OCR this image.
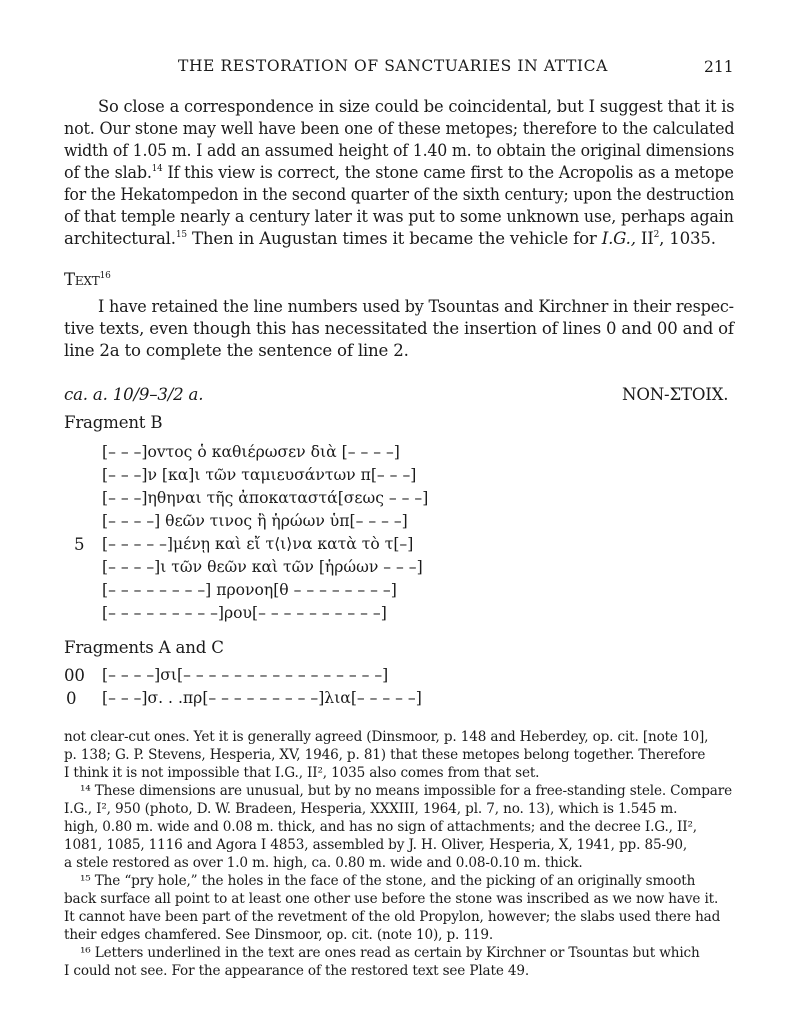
THE RESTORATION OF SANCTUARIES IN ATTICA	211
So close a correspondence in size could be coincidental, but I suggest that it is
not. Our stone may well have been one of these metopes; therefore to the calculated
width of 1.05 m. I add an assumed height of 1.40 m. to obtain the original dimensions
of the slab.$^{14}$ If this view is correct, the stone came first to the Acropolis as a metope
for the Hekatompedon in the second quarter of the sixth century; upon the destruction
of that temple nearly a century later it was put to some unknown use, perhaps again
architectural.$^{15}$ Then in Augustan times it became the vehicle for I.G., $II^2$, 1035.
Text$^{16}$
I have retained the line numbers used by Tsountas and Kirchner in their respec-
tive texts, even though this has necessitated the insertion of lines 0 and 00 and of
line 2a to complete the sentence of line 2.
ca. a. 10/9–3/2 a.	NON-ΣΤΟΙΧ.
Fragment B
[– – –]οvτος ὁ καθιέρωσεν διὰ [– – – –]
[– – –]ν [κα]ι τῶν ταμιευσάντων π[– – –]
[– – –]ηθηναι τῆς ἀποκαταστά[σεως – – –]
[– – – –] θεῶν τινος ἢ ἡρώων ὑπ[– – – –]
5 [– – – – –]μένῃ καὶ εἴ τ⟨ι⟩να κατὰ τὸ τ[–]
[– – – –]ι τῶν θεῶν καὶ τῶν [ἡρώων – – –]
[– – – – – – – –] προνοη[θ – – – – – – – –]
[– – – – – – – – –]ρου[– – – – – – – – – –]
Fragments A and C
00 [– – – –]σι[– – – – – – – – – – – – – – – –]
0 [– – –]σ. . .πρ[– – – – – – – – –]λια[– – – – –]
not clear-cut ones. Yet it is generally agreed (Dinsmoor, p. 148 and Heberdey, op. cit. [note 10],
p. 138; G. P. Stevens, Hesperia, XV, 1946, p. 81) that these metopes belong together. Therefore
I think it is not impossible that I.G., II², 1035 also comes from that set.
¹⁴ These dimensions are unusual, but by no means impossible for a free-standing stele. Compare
I.G., I², 950 (photo, D. W. Bradeen, Hesperia, XXXIII, 1964, pl. 7, no. 13), which is 1.545 m.
high, 0.80 m. wide and 0.08 m. thick, and has no sign of attachments; and the decree I.G., II²,
1081, 1085, 1116 and Agora I 4853, assembled by J. H. Oliver, Hesperia, X, 1941, pp. 85-90,
a stele restored as over 1.0 m. high, ca. 0.80 m. wide and 0.08-0.10 m. thick.
¹⁵ The “pry hole,” the holes in the face of the stone, and the picking of an originally smooth
back surface all point to at least one other use before the stone was inscribed as we now have it.
It cannot have been part of the revetment of the old Propylon, however; the slabs used there had
their edges chamfered. See Dinsmoor, op. cit. (note 10), p. 119.
¹⁶ Letters underlined in the text are ones read as certain by Kirchner or Tsountas but which
I could not see. For the appearance of the restored text see Plate 49.
